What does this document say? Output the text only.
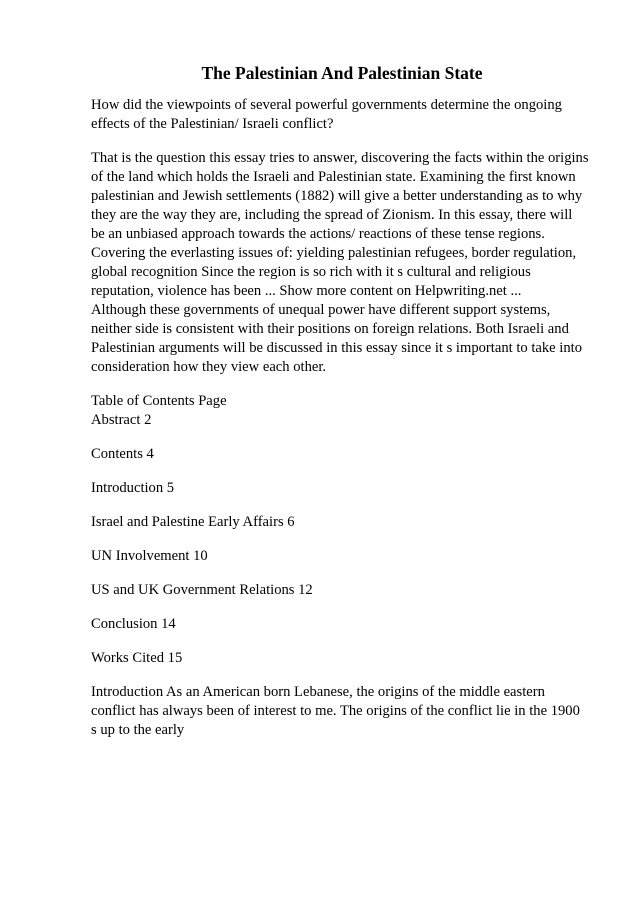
The Palestinian And Palestinian State

How did the viewpoints of several powerful governments determine the ongoing
effects of the Palestinian/ Israeli conflict?

That is the question this essay tries to answer, discovering the facts within the origins
of the land which holds the Israeli and Palestinian state. Examining the first known
palestinian and Jewish settlements (1882) will give a better understanding as to why
they are the way they are, including the spread of Zionism. In this essay, there will
be an unbiased approach towards the actions/ reactions of these tense regions.
Covering the everlasting issues of: yielding palestinian refugees, border regulation,
global recognition Since the region is so rich with it s cultural and religious
reputation, violence has been ... Show more content on Helpwriting.net ...
Although these governments of unequal power have different support systems,
neither side is consistent with their positions on foreign relations. Both Israeli and
Palestinian arguments will be discussed in this essay since it s important to take into
consideration how they view each other.

Table of Contents Page
Abstract 2

Contents 4

Introduction 5

Israel and Palestine Early Affairs 6

UN Involvement 10

US and UK Government Relations 12

Conclusion 14

Works Cited 15

Introduction As an American born Lebanese, the origins of the middle eastern
conflict has always been of interest to me. The origins of the conflict lie in the 1900
s up to the early
